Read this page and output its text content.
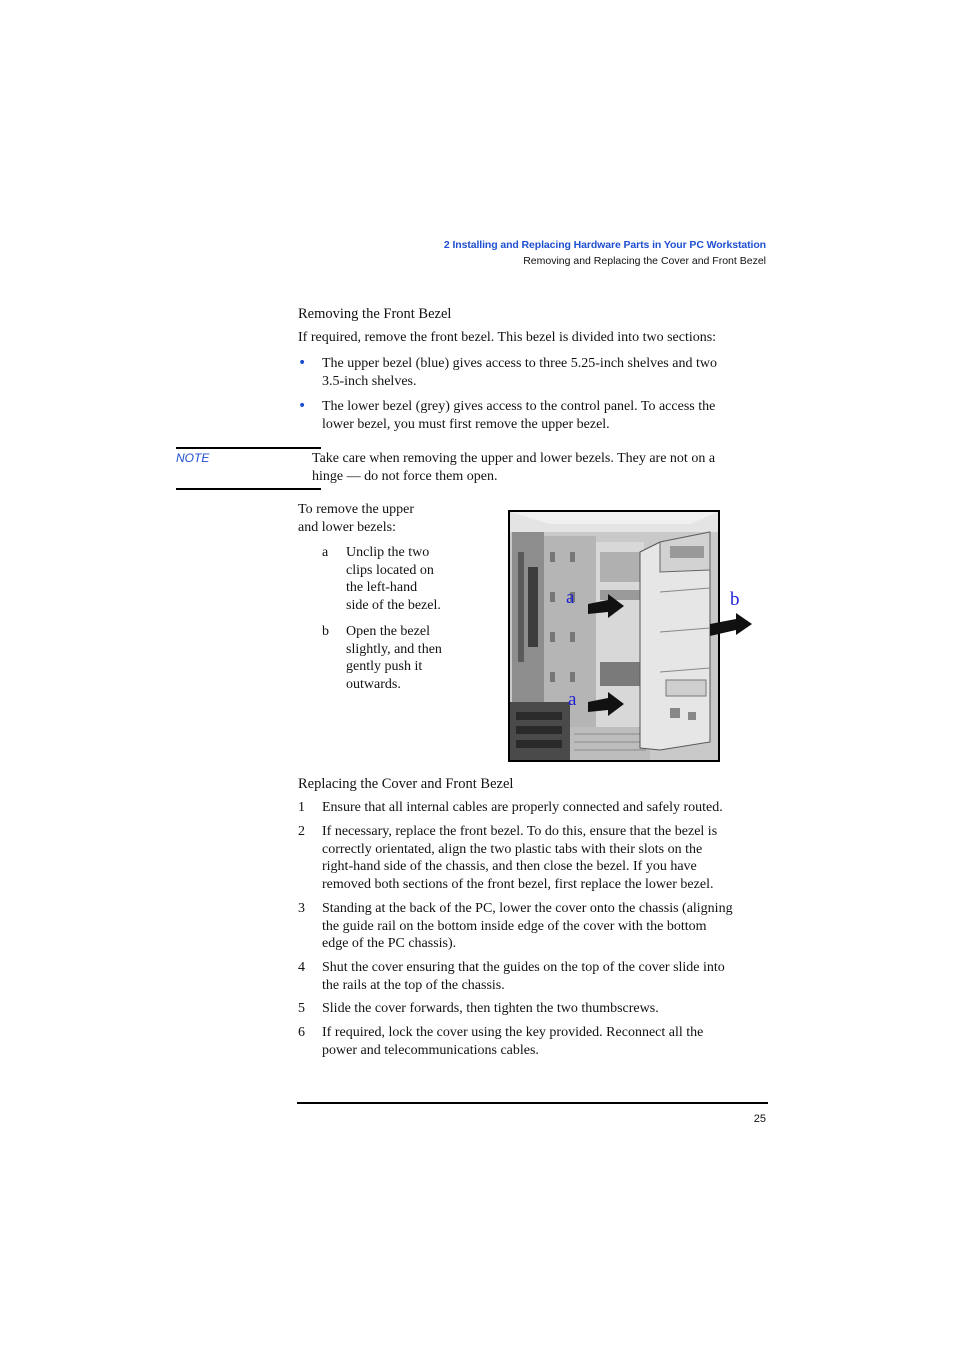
2 Installing and Replacing Hardware Parts in Your PC Workstation
Removing and Replacing the Cover and Front Bezel
Removing the Front Bezel
If required, remove the front bezel. This bezel is divided into two sections:
• The upper bezel (blue) gives access to three 5.25-inch shelves and two
3.5-inch shelves.
• The lower bezel (grey) gives access to the control panel. To access the
lower bezel, you must first remove the upper bezel.
NOTE	Take care when removing the upper and lower bezels. They are not on a
hinge — do not force them open.
To remove the upper
and lower bezels:
a Unclip the two
clips located on
the left-hand
side of the bezel.
b Open the bezel
slightly, and then
gently push it
outwards.
a
a
b
Replacing the Cover and Front Bezel
1 Ensure that all internal cables are properly connected and safely routed.
2 If necessary, replace the front bezel. To do this, ensure that the bezel is
correctly orientated, align the two plastic tabs with their slots on the
right-hand side of the chassis, and then close the bezel. If you have
removed both sections of the front bezel, first replace the lower bezel.
3 Standing at the back of the PC, lower the cover onto the chassis (aligning
the guide rail on the bottom inside edge of the cover with the bottom
edge of the PC chassis).
4 Shut the cover ensuring that the guides on the top of the cover slide into
the rails at the top of the chassis.
5 Slide the cover forwards, then tighten the two thumbscrews.
6 If required, lock the cover using the key provided. Reconnect all the
power and telecommunications cables.
25
